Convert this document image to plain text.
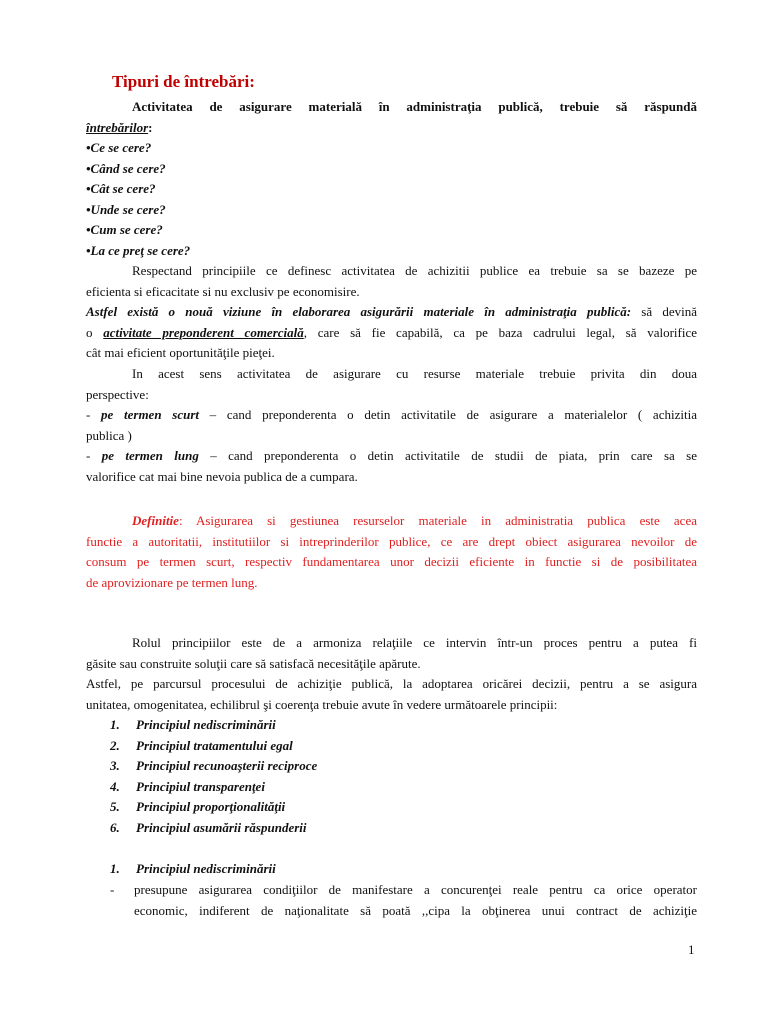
Tipuri de întrebări:
Activitatea de asigurare materială în administraţia publică, trebuie să răspundă
întrebărilor:
•Ce se cere?
•Când se cere?
•Cât se cere?
•Unde se cere?
•Cum se cere?
•La ce preţ se cere?
Respectand principiile ce definesc activitatea de achizitii publice ea trebuie sa se bazeze pe
eficienta si eficacitate si nu exclusiv pe economisire.
Astfel există o nouă viziune în elaborarea asigurării materiale în administraţia publică: să devină
o activitate preponderent comercială, care să fie capabilă, ca pe baza cadrului legal, să valorifice
cât mai eficient oportunităţile pieţei.
In acest sens activitatea de asigurare cu resurse materiale trebuie privita din doua
perspective:
- pe termen scurt – cand preponderenta o detin activitatile de asigurare a materialelor ( achizitia
publica )
- pe termen lung – cand preponderenta o detin activitatile de studii de piata, prin care sa se
valorifice cat mai bine nevoia publica de a cumpara.
Definitie: Asigurarea si gestiunea resurselor materiale in administratia publica este acea
functie a autoritatii, institutiilor si intreprinderilor publice, ce are drept obiect asigurarea nevoilor de
consum pe termen scurt, respectiv fundamentarea unor decizii eficiente in functie si de posibilitatea
de aprovizionare pe termen lung.
Rolul principiilor este de a armoniza relaţiile ce intervin într-un proces pentru a putea fi
găsite sau construite soluţii care să satisfacă necesităţile apărute.
Astfel, pe parcursul procesului de achiziţie publică, la adoptarea oricărei decizii, pentru a se asigura
unitatea, omogenitatea, echilibrul şi coerenţa trebuie avute în vedere următoarele principii:
1. Principiul nediscriminării
2. Principiul tratamentului egal
3. Principiul recunoaşterii reciproce
4. Principiul transparenţei
5. Principiul proporţionalităţii
6. Principiul asumării răspunderii
1. Principiul nediscriminării
- presupune asigurarea condiţiilor de manifestare a concurenţei reale pentru ca orice operator
economic, indiferent de naţionalitate să poată ,,cipa la obţinerea unui contract de achiziţie
1
